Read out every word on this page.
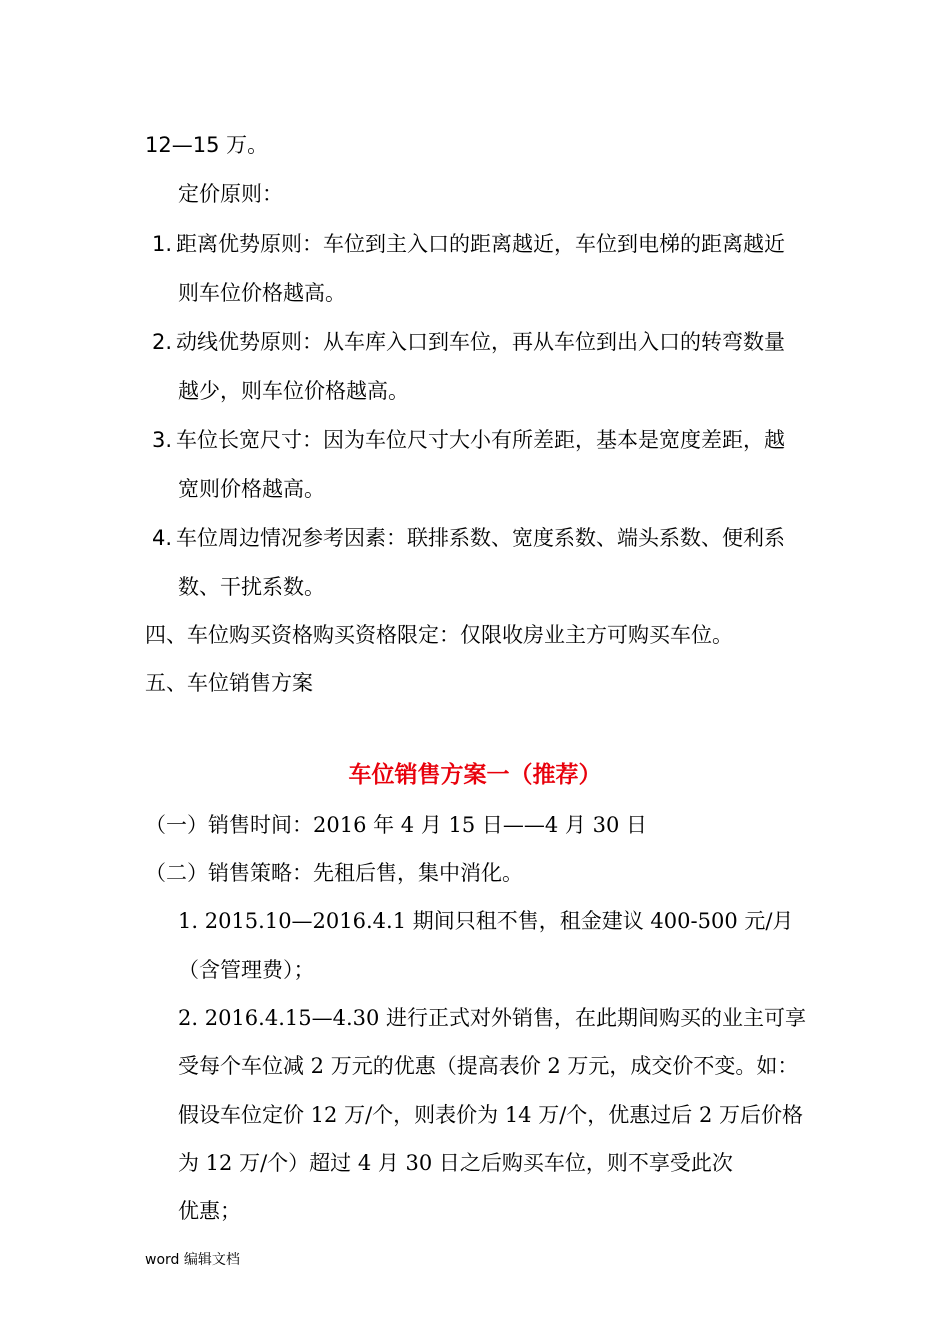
12—15 万。
定价原则：
1. 距离优势原则：车位到主入口的距离越近，车位到电梯的距离越近
则车位价格越高。
2. 动线优势原则：从车库入口到车位，再从车位到出入口的转弯数量
越少，则车位价格越高。
3. 车位长宽尺寸：因为车位尺寸大小有所差距，基本是宽度差距，越
宽则价格越高。
4. 车位周边情况参考因素：联排系数、宽度系数、端头系数、便利系
数、干扰系数。
四、车位购买资格购买资格限定：仅限收房业主方可购买车位。
五、车位销售方案
车位销售方案一（推荐）
（一）销售时间：2016 年 4 月 15 日——4 月 30 日
（二）销售策略：先租后售，集中消化。
1. 2015.10—2016.4.1 期间只租不售，租金建议 400-500 元/月
（含管理费）；
2. 2016.4.15—4.30 进行正式对外销售，在此期间购买的业主可享
受每个车位减 2 万元的优惠（提高表价 2 万元，成交价不变。如：
假设车位定价 12 万/个，则表价为 14 万/个，优惠过后 2 万后价格
为 12 万/个）超过 4 月 30 日之后购买车位，则不享受此次
优惠；
word 编辑文档
